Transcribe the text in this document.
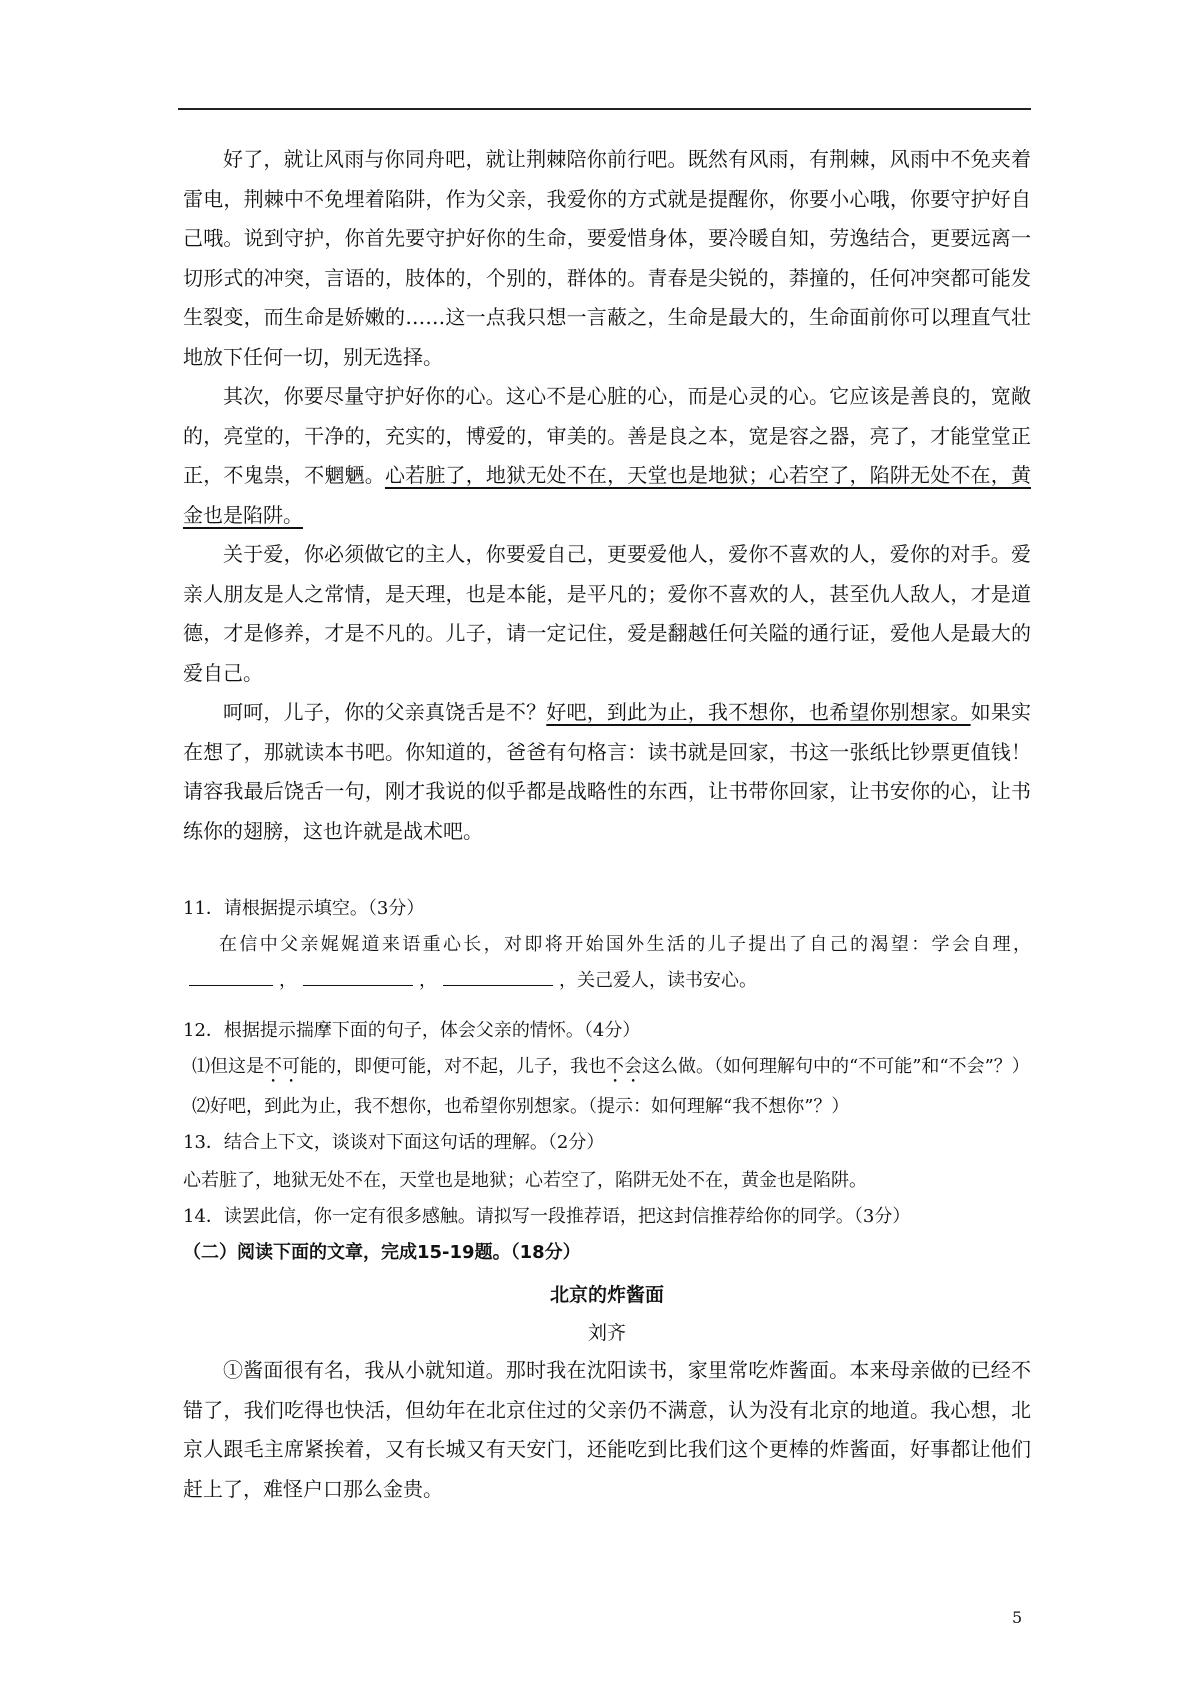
好了，就让风雨与你同舟吧，就让荆棘陪你前行吧。既然有风雨，有荆棘，风雨中不免夹着雷电，荆棘中不免埋着陷阱，作为父亲，我爱你的方式就是提醒你，你要小心哦，你要守护好自己哦。说到守护，你首先要守护好你的生命，要爱惜身体，要冷暖自知，劳逸结合，更要远离一切形式的冲突，言语的，肢体的，个别的，群体的。青春是尖锐的，莽撞的，任何冲突都可能发生裂变，而生命是娇嫩的……这一点我只想一言蔽之，生命是最大的，生命面前你可以理直气壮地放下任何一切，别无选择。

其次，你要尽量守护好你的心。这心不是心脏的心，而是心灵的心。它应该是善良的，宽敞的，亮堂的，干净的，充实的，博爱的，审美的。善是良之本，宽是容之器，亮了，才能堂堂正正，不鬼祟，不魍魉。心若脏了，地狱无处不在，天堂也是地狱；心若空了，陷阱无处不在，黄金也是陷阱。

关于爱，你必须做它的主人，你要爱自己，更要爱他人，爱你不喜欢的人，爱你的对手。爱亲人朋友是人之常情，是天理，也是本能，是平凡的；爱你不喜欢的人，甚至仇人敌人，才是道德，才是修养，才是不凡的。儿子，请一定记住，爱是翻越任何关隘的通行证，爱他人是最大的爱自己。

呵呵，儿子，你的父亲真饶舌是不？好吧，到此为止，我不想你，也希望你别想家。如果实在想了，那就读本书吧。你知道的，爸爸有句格言：读书就是回家，书这一张纸比钞票更值钱！请容我最后饶舌一句，刚才我说的似乎都是战略性的东西，让书带你回家，让书安你的心，让书练你的翅膀，这也许就是战术吧。

11．请根据提示填空。（3分）

在信中父亲娓娓道来语重心长，对即将开始国外生活的儿子提出了自己的渴望：学会自理，，	，	，关己爱人，读书安心。

12．根据提示揣摩下面的句子，体会父亲的情怀。（4分）

⑴但这是不可能的，即便可能，对不起，儿子，我也不会这么做。（如何理解句中的“不可能”和“不会”？）

⑵好吧，到此为止，我不想你，也希望你别想家。（提示：如何理解“我不想你”？）

13．结合上下文，谈谈对下面这句话的理解。（2分）

心若脏了，地狱无处不在，天堂也是地狱；心若空了，陷阱无处不在，黄金也是陷阱。

14．读罢此信，你一定有很多感触。请拟写一段推荐语，把这封信推荐给你的同学。（3分）

（二）阅读下面的文章，完成15-19题。（18分）

北京的炸酱面
刘齐

①酱面很有名，我从小就知道。那时我在沈阳读书，家里常吃炸酱面。本来母亲做的已经不错了，我们吃得也快活，但幼年在北京住过的父亲仍不满意，认为没有北京的地道。我心想，北京人跟毛主席紧挨着，又有长城又有天安门，还能吃到比我们这个更棒的炸酱面，好事都让他们赶上了，难怪户口那么金贵。

5
